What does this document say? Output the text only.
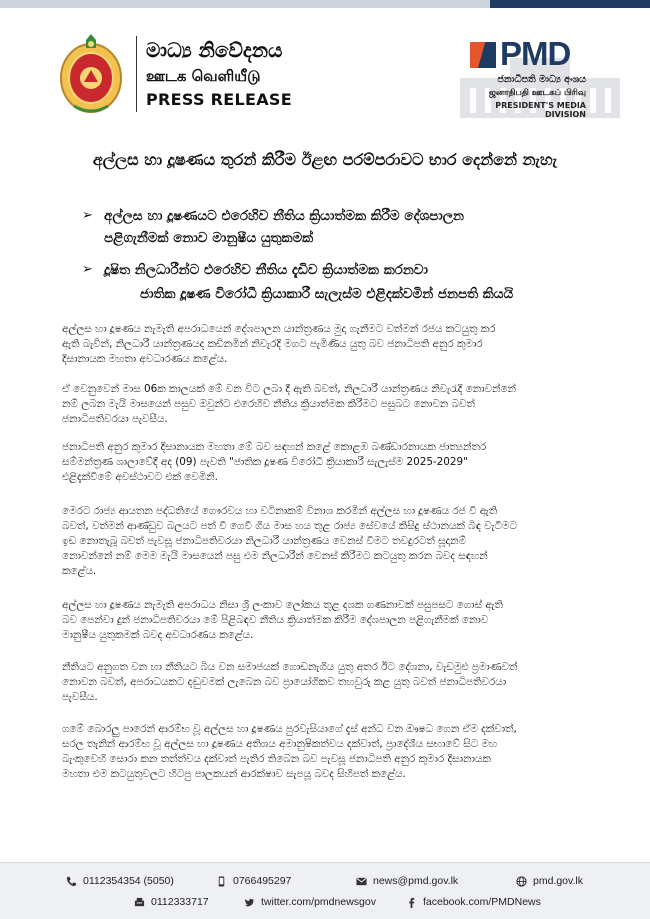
මාධ්‍ය නිවේදනය
ஊடக வெளியீடு
PRESS RELEASE
PMD
ජනාධිපති මාධ්‍ය අංශය
ஜனாதிபதி ஊடகப் பிரிவு
PRESIDENT'S MEDIA DIVISION
අල්ලස හා දූෂණය තුරන් කිරීම ඊළඟ පරම්පරාවට භාර දෙන්නේ නැහැ
➢ අල්ලස හා දූෂණයට එරෙහිව නීතිය ක්‍රියාත්මක කිරීම දේශපාලන
පළිගැනීමක් නොව මානුෂීය යුතුකමක්
➢ දූෂිත නිලධාරීන්ට එරෙහිව නීතිය දැඩිව ක්‍රියාත්මක කරනවා
ජාතික දූෂණ විරෝධී ක්‍රියාකාරී සැලැස්ම එළිදක්වමින් ජනපති කියයි
අල්ලස හා දූෂණය නැමැති අපරාධයෙන් දේශපාලන යාන්ත්‍රණය මුදා ගැනීමට වත්මන් රජය කටයුතු කර
ඇති බැවින්, නිලධාරී යාන්ත්‍රණයද කඩිනමින් නිවැරදි මගට පැමිණිය යුතු බව ජනාධිපති අනුර කුමාර
දිසානායක මහතා අවධාරණය කළේය.
ඒ වෙනුවෙන් මාස 06ක කාලයක් මේ වන විට ලබා දී ඇති බවත්, නිලධාරී යාන්ත්‍රණය නිවැරැදි නොවන්නේ
නම් ලබන මැයි මාසයෙන් පසුව ඔවුන්ට එරෙහිව නීතිය ක්‍රියාත්මක කිරීමට පසුබට නොවන බවත්
ජනාධිපතිවරයා පැවසීය.
ජනාධිපති අනුර කුමාර දිසානායක මහතා මේ බව සඳහන් කළේ කොළඹ බණ්ඩාරනායක ජාත්‍යන්තර
සම්මන්ත්‍රණ ශාලාවේදී අද (09) පැවති "ජාතික දූෂණ විරෝධී ක්‍රියාකාරී සැලැස්ම 2025-2029"
එළිදැක්වීමේ අවස්ථාවට එක් වෙමිනි.
මෙරට රාජ්‍ය ආයතන පද්ධතියේ ගෞරවය හා වටිනාකම් විනාශ කරමින් අල්ලස හා දූෂණය රජ වී ඇති
බවත්, වත්මන් ආණ්ඩුව බලයට පත් වී ගෙවී ගිය මාස හය තුළ රාජ්‍ය සේවයේ කිසිදු ස්ථානයක් බිඳ වැටීමට
ඉඩ නොතැබූ බවත් පැවසූ ජනාධිපතිවරයා නිලධාරී යාන්ත්‍රණය වෙනස් වීමට තවදුරටත් සූදානම්
නොවන්නේ නම් මෙම මැයි මාසයෙන් පසු එම නිලධාරීන් වෙනස් කිරීමට කටයුතු කරන බවද සඳහන්
කළේය.
අල්ලස හා දූෂණය නැමැති අපරාධය නිසා ශ්‍රී ලංකාව ලෝකය තුළ දශක ගණනාවක් පසුපසට ගොස් ඇති
බව පෙන්වා දුන් ජනාධිපතිවරයා මේ පිළිබඳව නීතිය ක්‍රියාත්මක කිරීම දේශපාලන පළිගැනීමක් නොව
මානුෂීය යුතුකමක් බවද අවධාරණය කළේය.
නීතියට අනුගත වන හා නීතියට බිය වන සමාජයක් ගොඩනැගිය යුතු අතර ඊට දේශනා, වැඩමුළු ප්‍රමාණවත්
නොවන බවත්, අපරාධයකට දඬුවමක් ලැබෙන බව ප්‍රායෝගිකව තහවුරු කළ යුතු බවත් ජනාධිපතිවරයා
පැවසීය.
ගමේ බොරලු පාරෙන් ආරම්භ වූ අල්ලස හා දූෂණය පුරවැසියාගේ දැස් අන්ධ වන ඖෂධ ගෙන ඒම දක්වාත්,
සරල තැනින් ආරම්භ වූ අල්ලස හා දූෂණය අතිශය අමානුෂිකත්වය දක්වාත්, ප්‍රාදේශීය සභාවේ සිට මහ
බැංකුවෙහි සොරා කන තත්ත්වය දක්වාත් පැතිර තිබෙන බව පැවසූ ජනාධිපති අනුර කුමාර දිසානායක
මහතා එම කටයුතුවලට හිටපු පාලකයන් ආරක්ෂාව සැපයූ බවද සිහිපත් කළේය.
0112354354 (5050)	0766495297	news@pmd.gov.lk	pmd.gov.lk
0112333717	twitter.com/pmdnewsgov	facebook.com/PMDNews
